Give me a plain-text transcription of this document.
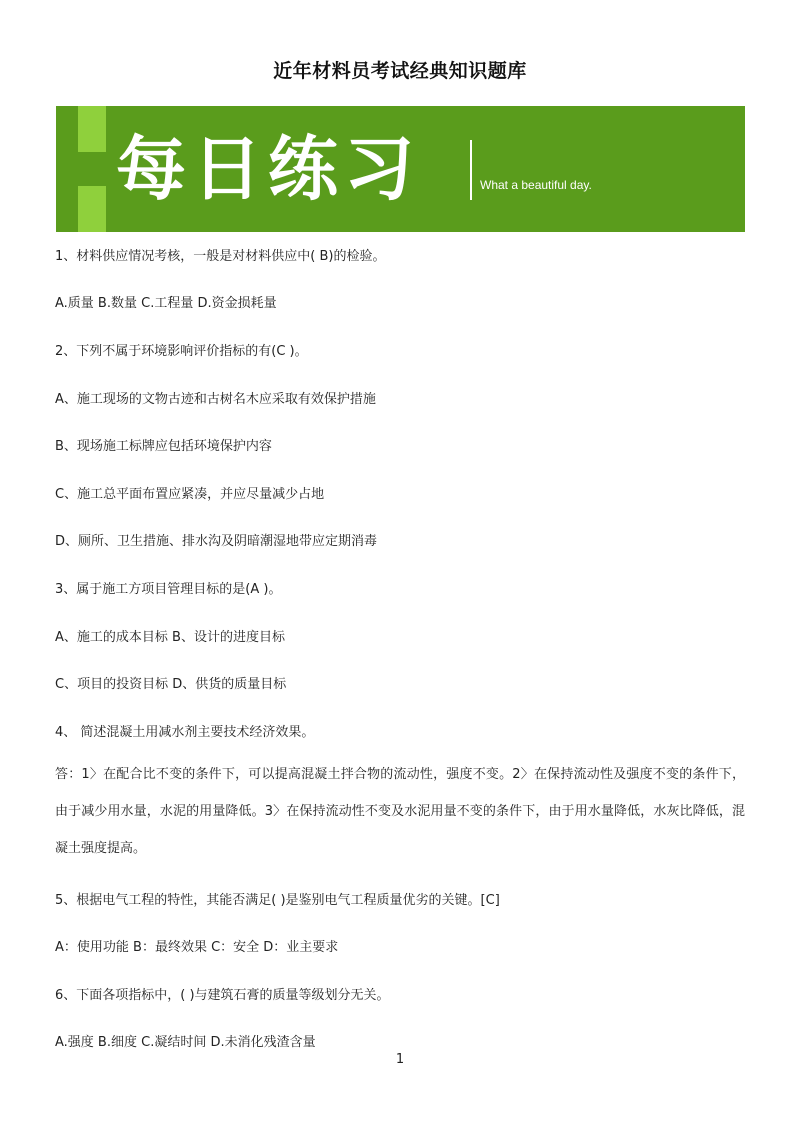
近年材料员考试经典知识题库
每日练习	What a beautiful day.
1、材料供应情况考核，一般是对材料供应中( B)的检验。
A.质量 B.数量 C.工程量 D.资金损耗量
2、下列不属于环境影响评价指标的有(C )。
A、施工现场的文物古迹和古树名木应采取有效保护措施
B、现场施工标牌应包括环境保护内容
C、施工总平面布置应紧凑，并应尽量减少占地
D、厕所、卫生措施、排水沟及阴暗潮湿地带应定期消毒
3、属于施工方项目管理目标的是(A )。
A、施工的成本目标 B、设计的进度目标
C、项目的投资目标 D、供货的质量目标
4、 简述混凝土用减水剂主要技术经济效果。
答：1〉在配合比不变的条件下，可以提高混凝土拌合物的流动性，强度不变。2〉在保持流动性及强度不变的条件下，由于减少用水量，水泥的用量降低。3〉在保持流动性不变及水泥用量不变的条件下，由于用水量降低，水灰比降低，混凝土强度提高。
5、根据电气工程的特性，其能否满足( )是鉴别电气工程质量优劣的关键。[C]
A：使用功能 B：最终效果 C：安全 D：业主要求
6、下面各项指标中，( )与建筑石膏的质量等级划分无关。
A.强度 B.细度 C.凝结时间 D.未消化残渣含量
1
